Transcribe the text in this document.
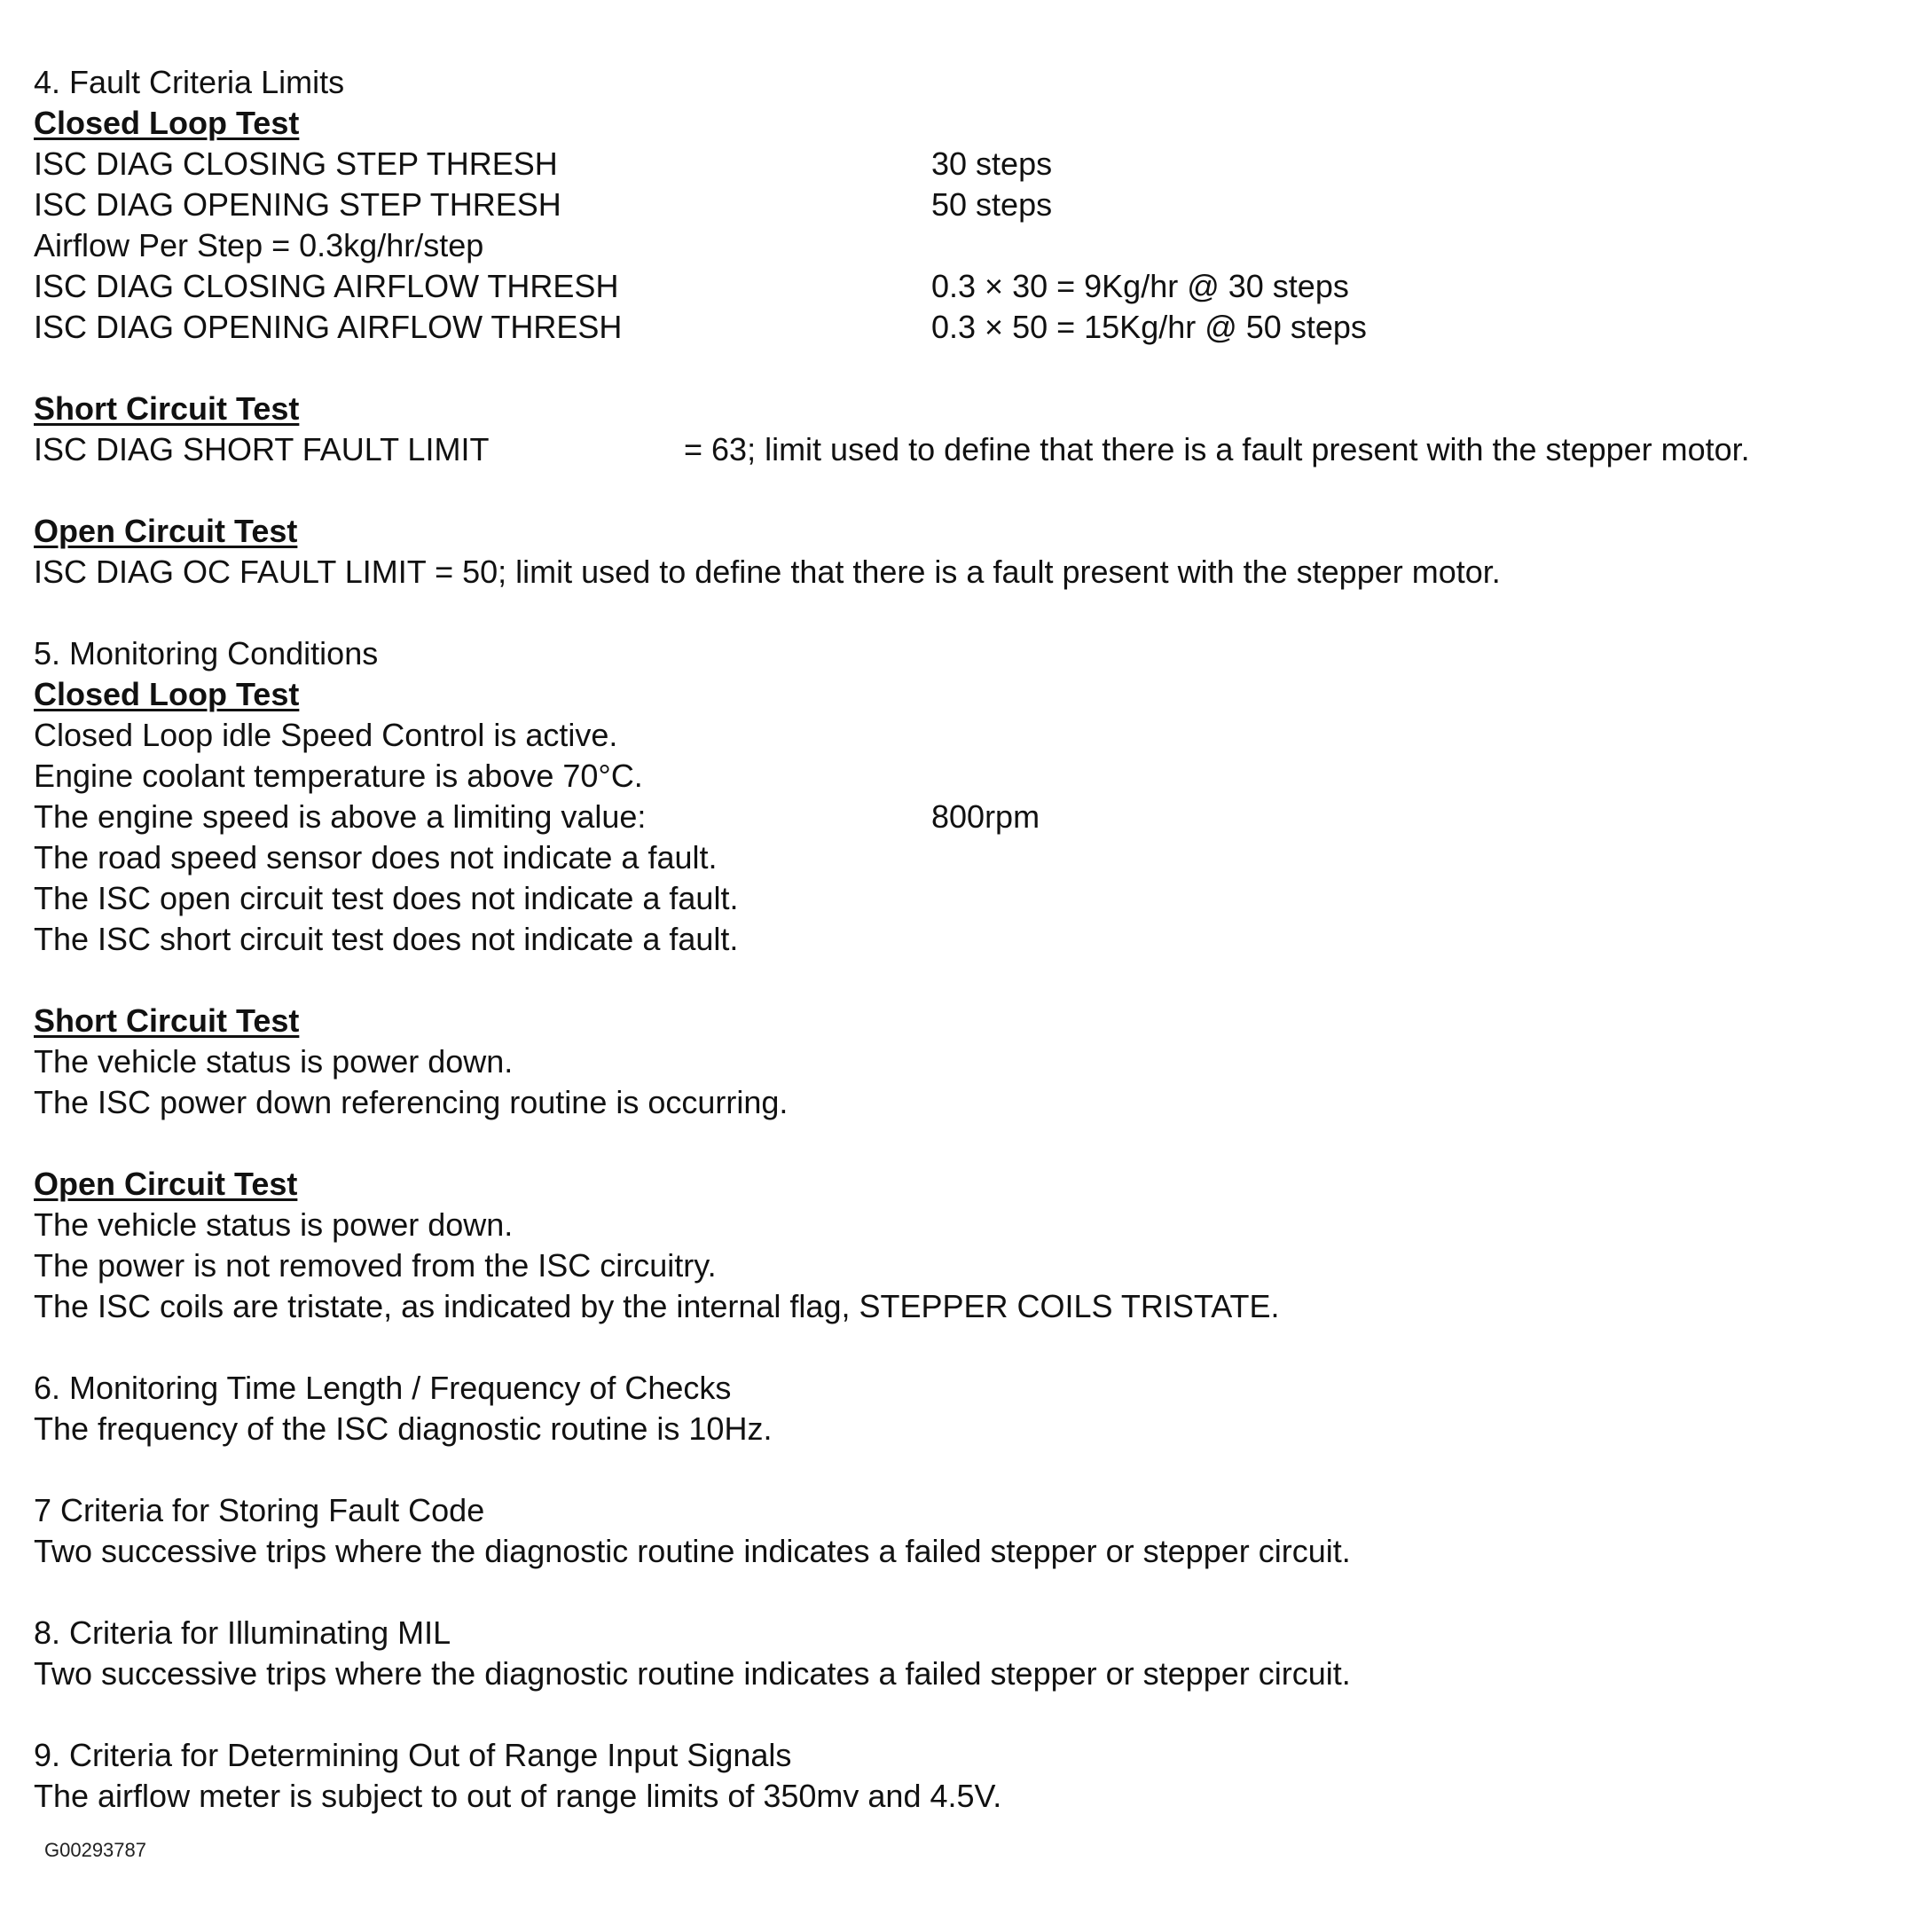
4. Fault Criteria Limits
Closed Loop Test
ISC DIAG CLOSING STEP THRESH	30 steps
ISC DIAG OPENING STEP THRESH	50 steps
Airflow Per Step = 0.3kg/hr/step
ISC DIAG CLOSING AIRFLOW THRESH	0.3 × 30 = 9Kg/hr @ 30 steps
ISC DIAG OPENING AIRFLOW THRESH	0.3 × 50 = 15Kg/hr @ 50 steps
Short Circuit Test
ISC DIAG SHORT FAULT LIMIT	= 63; limit used to define that there is a fault present with the stepper motor.
Open Circuit Test
ISC DIAG OC FAULT LIMIT = 50; limit used to define that there is a fault present with the stepper motor.
5. Monitoring Conditions
Closed Loop Test
Closed Loop idle Speed Control is active.
Engine coolant temperature is above 70°C.
The engine speed is above a limiting value:	800rpm
The road speed sensor does not indicate a fault.
The ISC open circuit test does not indicate a fault.
The ISC short circuit test does not indicate a fault.
Short Circuit Test
The vehicle status is power down.
The ISC power down referencing routine is occurring.
Open Circuit Test
The vehicle status is power down.
The power is not removed from the ISC circuitry.
The ISC coils are tristate, as indicated by the internal flag, STEPPER COILS TRISTATE.
6. Monitoring Time Length / Frequency of Checks
The frequency of the ISC diagnostic routine is 10Hz.
7 Criteria for Storing Fault Code
Two successive trips where the diagnostic routine indicates a failed stepper or stepper circuit.
8. Criteria for Illuminating MIL
Two successive trips where the diagnostic routine indicates a failed stepper or stepper circuit.
9. Criteria for Determining Out of Range Input Signals
The airflow meter is subject to out of range limits of 350mv and 4.5V.
G00293787
